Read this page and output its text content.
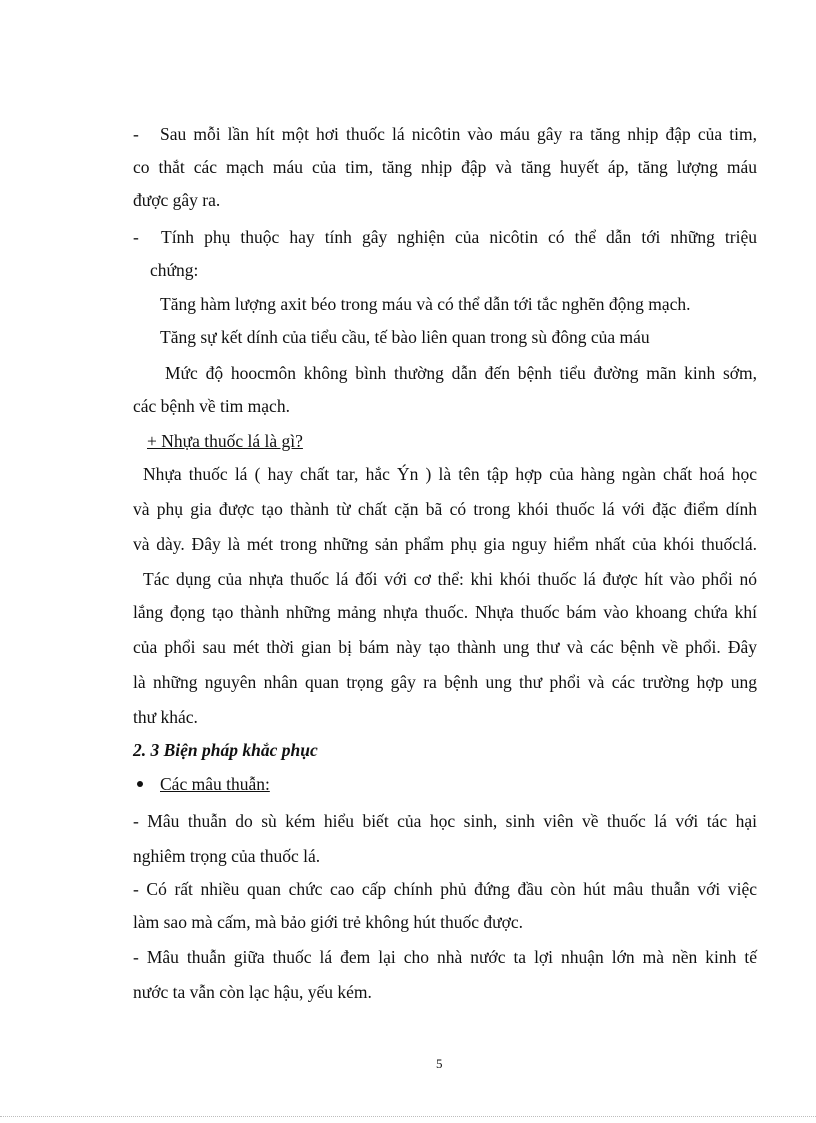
- Sau mỗi lần hít một hơi thuốc lá nicôtin vào máu gây ra tăng nhịp đập của tim,

co thắt các mạch máu của tim, tăng nhịp đập và tăng huyết áp, tăng lượng máu

được gây ra.

- Tính phụ thuộc hay tính gây nghiện của nicôtin có thể dẫn tới những triệu

chứng:

Tăng hàm lượng axit béo trong máu và có thể dẫn tới tắc nghẽn động mạch.

Tăng sự kết dính của tiểu cầu, tế bào liên quan trong sù đông của máu

Mức độ hoocmôn không bình thường dẫn đến bệnh tiểu đường mãn kinh sớm,

các bệnh về tim mạch.

+ Nhựa thuốc lá là gì?

Nhựa thuốc lá ( hay chất tar, hắc Ýn ) là tên tập hợp của hàng ngàn chất hoá học

và phụ gia được tạo thành từ chất cặn bã có trong khói thuốc lá với đặc điểm dính

và dày. Đây là mét trong những sản phẩm phụ gia nguy hiểm nhất của khói thuốclá.

Tác dụng của nhựa thuốc lá đối với cơ thể: khi khói thuốc lá được hít vào phổi nó

lắng đọng tạo thành những mảng nhựa thuốc. Nhựa thuốc bám vào khoang chứa khí

của phổi sau mét thời gian bị bám này tạo thành ung thư và các bệnh về phổi. Đây

là những nguyên nhân quan trọng gây ra bệnh ung thư phổi và các trường hợp ung

thư khác.

2. 3 Biện pháp khắc phục

Các mâu thuẫn:

- Mâu thuẫn do sù kém hiểu biết của học sinh, sinh viên về thuốc lá với tác hại

nghiêm trọng của thuốc lá.

- Có rất nhiều quan chức cao cấp chính phủ đứng đầu còn hút mâu thuẫn với việc

làm sao mà cấm, mà bảo giới trẻ không hút thuốc được.

- Mâu thuẫn giữa thuốc lá đem lại cho nhà nước ta lợi nhuận lớn mà nền kinh tế

nước ta vẫn còn lạc hậu, yếu kém.

5
